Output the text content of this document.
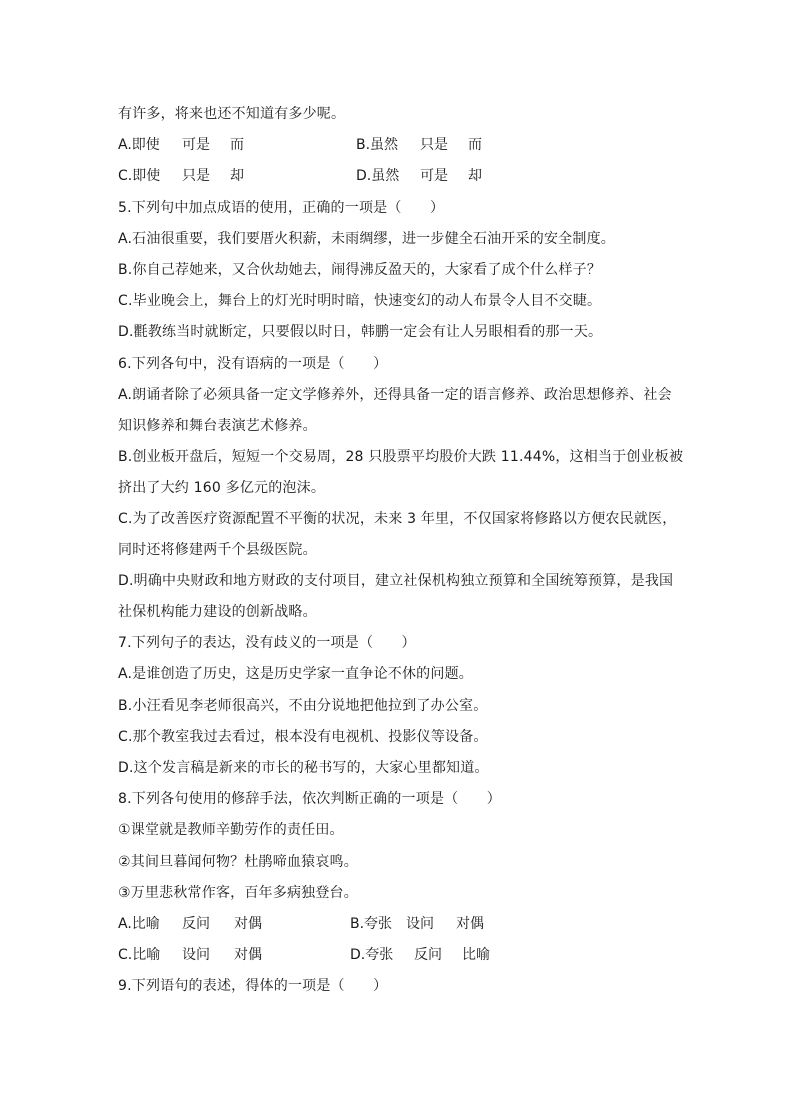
有许多，将来也还不知道有多少呢。
A.即使 可是 而	B.虽然 只是 而
C.即使 只是 却	D.虽然 可是 却
5.下列句中加点成语的使用，正确的一项是（　　）
A.石油很重要，我们要厝火积薪，未雨绸缪，进一步健全石油开采的安全制度。
B.你自己荐她来，又合伙劫她去，闹得沸反盈天的，大家看了成个什么样子？
C.毕业晚会上，舞台上的灯光时明时暗，快速变幻的动人布景令人目不交睫。
D.氍教练当时就断定，只要假以时日，韩鹏一定会有让人另眼相看的那一天。
6.下列各句中，没有语病的一项是（　　）
A.朗诵者除了必须具备一定文学修养外，还得具备一定的语言修养、政治思想修养、社会
知识修养和舞台表演艺术修养。
B.创业板开盘后，短短一个交易周，28 只股票平均股价大跌 11.44%，这相当于创业板被
挤出了大约 160 多亿元的泡沫。
C.为了改善医疗资源配置不平衡的状况，未来 3 年里，不仅国家将修路以方便农民就医，
同时还将修建两千个县级医院。
D.明确中央财政和地方财政的支付项目，建立社保机构独立预算和全国统筹预算，是我国
社保机构能力建设的创新战略。
7.下列句子的表达，没有歧义的一项是（　　）
A.是谁创造了历史，这是历史学家一直争论不休的问题。
B.小汪看见李老师很高兴，不由分说地把他拉到了办公室。
C.那个教室我过去看过，根本没有电视机、投影仪等设备。
D.这个发言稿是新来的市长的秘书写的，大家心里都知道。
8.下列各句使用的修辞手法，依次判断正确的一项是（　　）
①课堂就是教师辛勤劳作的责任田。
②其间旦暮闻何物？杜鹃啼血猿哀鸣。
③万里悲秋常作客，百年多病独登台。
A.比喻 反问 对偶	B.夸张 设问 对偶
C.比喻 设问 对偶	D.夸张 反问 比喻
9.下列语句的表述，得体的一项是（　　）
